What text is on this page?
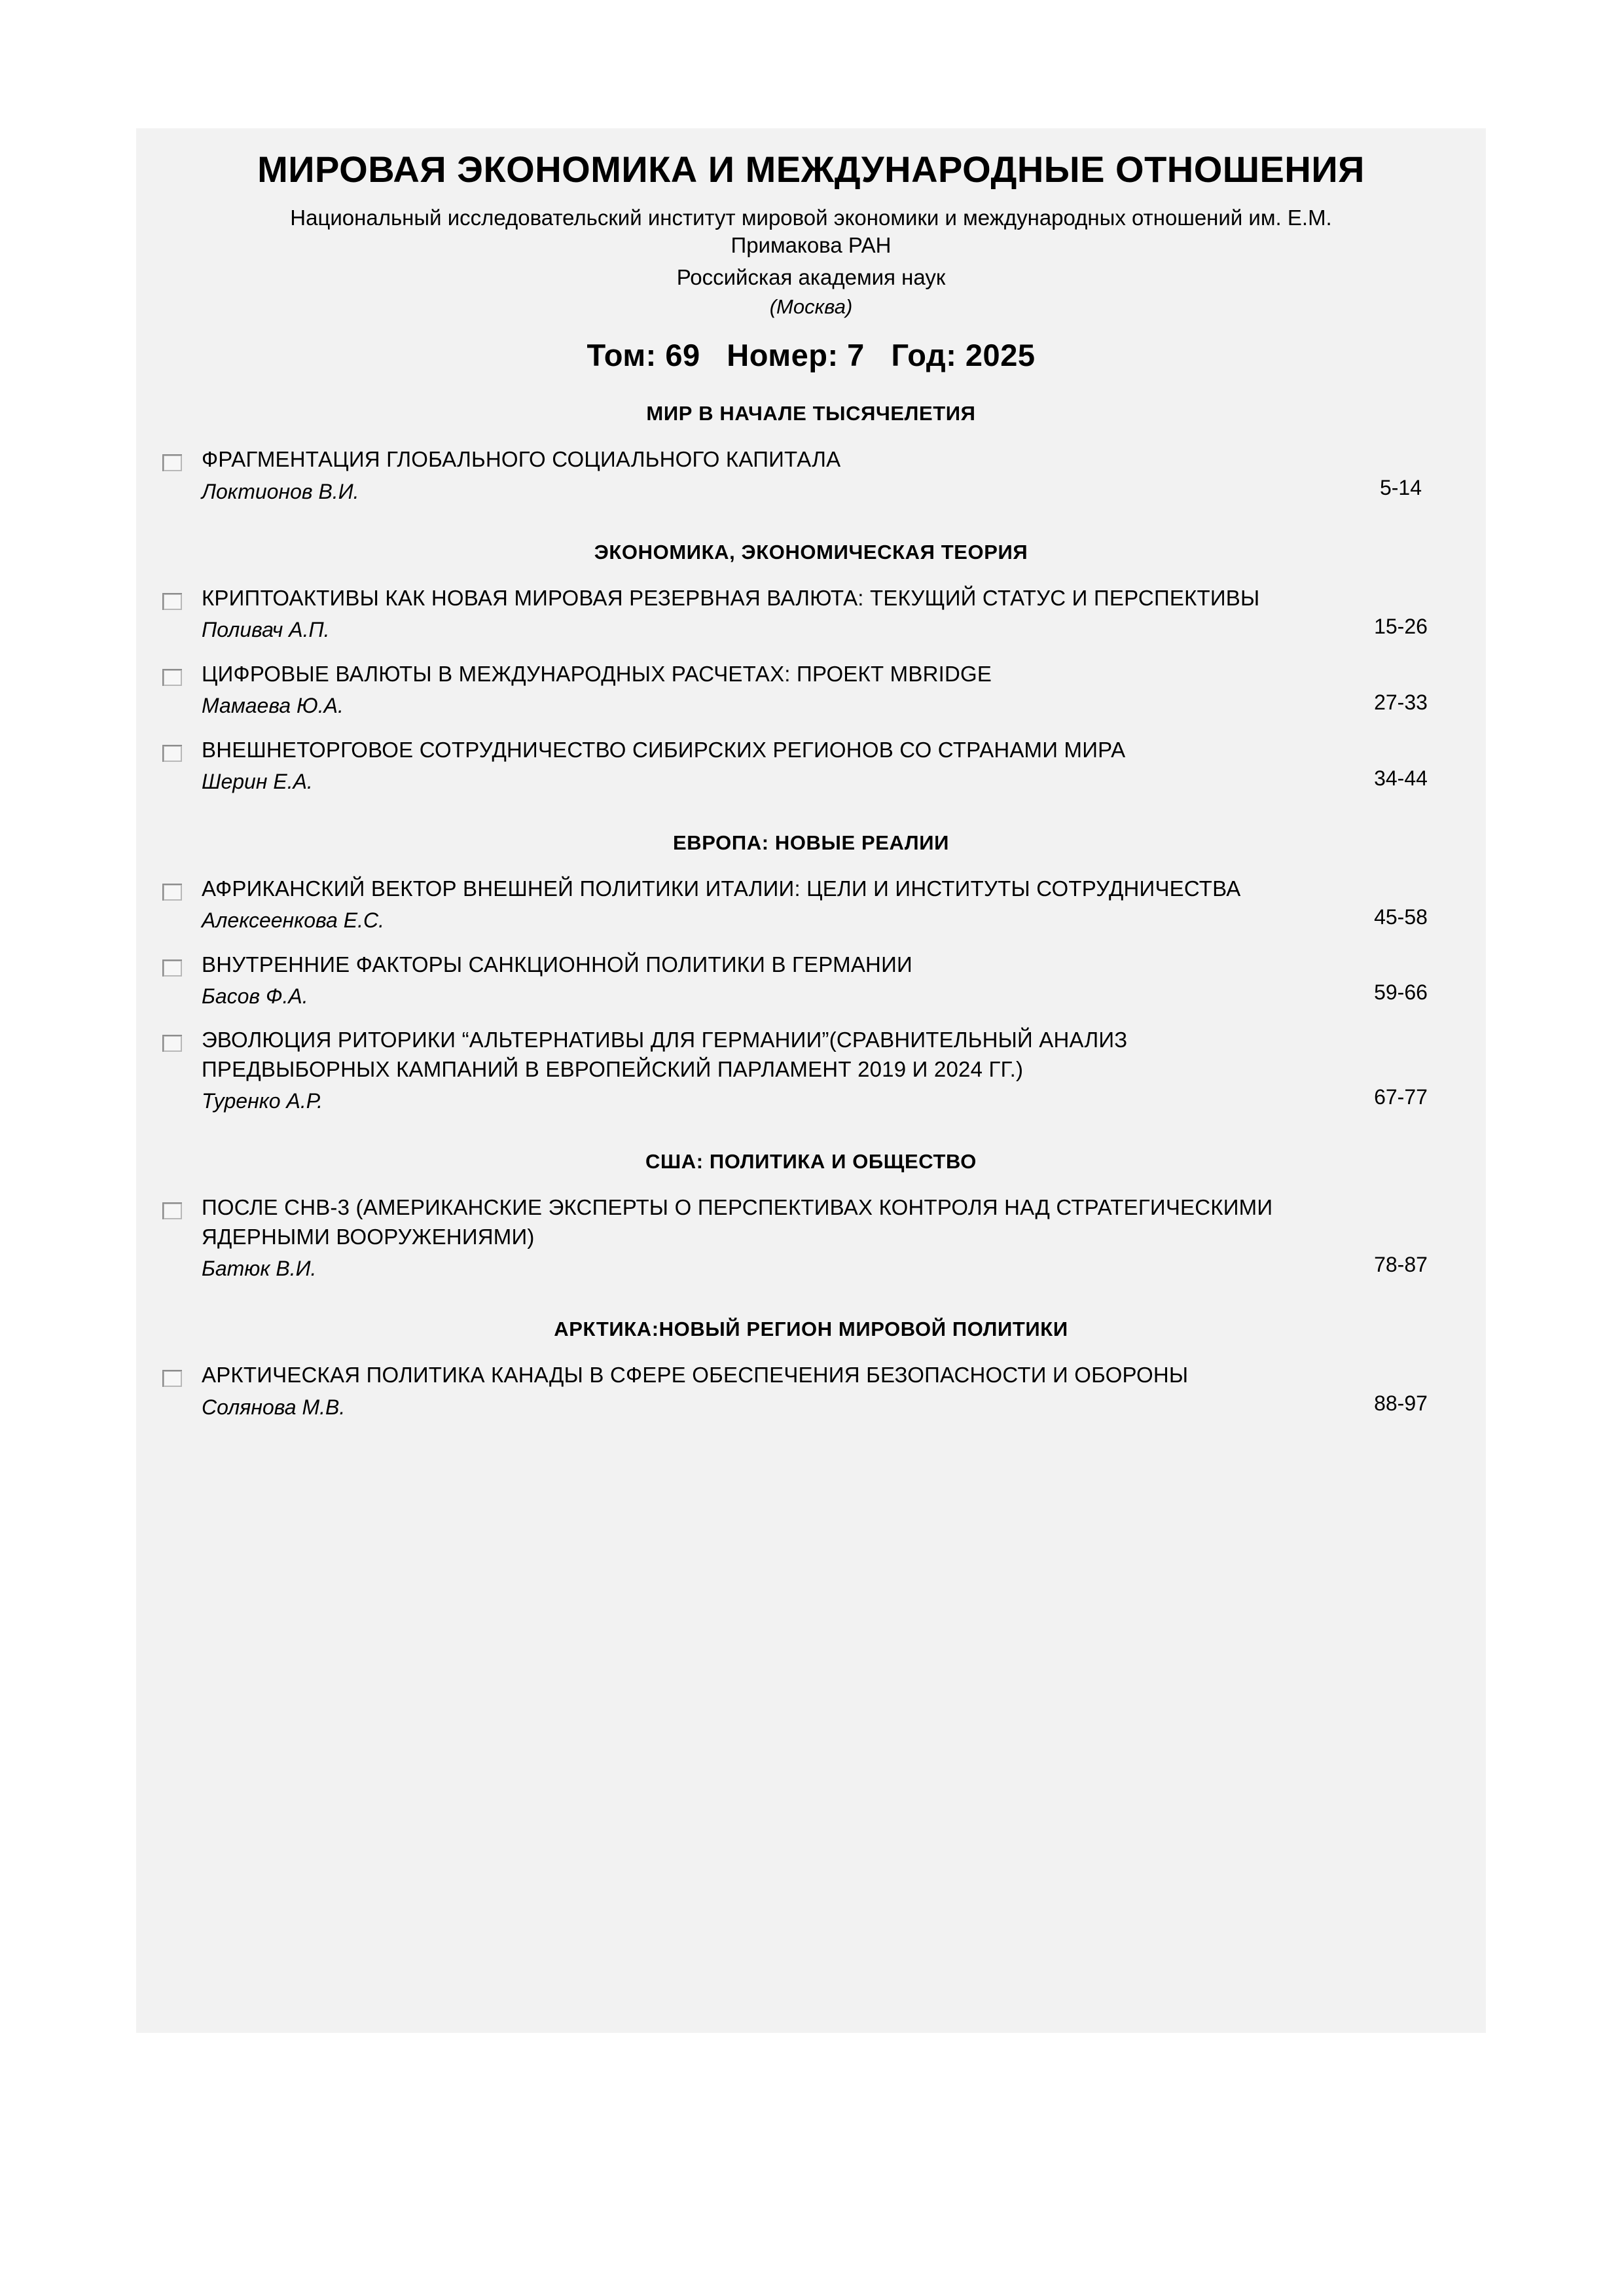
МИРОВАЯ ЭКОНОМИКА И МЕЖДУНАРОДНЫЕ ОТНОШЕНИЯ
Национальный исследовательский институт мировой экономики и международных отношений им. Е.М. Примакова РАН
Российская академия наук
(Москва)
Том: 69 Номер: 7 Год: 2025
МИР В НАЧАЛЕ ТЫСЯЧЕЛЕТИЯ
ФРАГМЕНТАЦИЯ ГЛОБАЛЬНОГО СОЦИАЛЬНОГО КАПИТАЛА
Локтионов В.И.	5-14
ЭКОНОМИКА, ЭКОНОМИЧЕСКАЯ ТЕОРИЯ
КРИПТОАКТИВЫ КАК НОВАЯ МИРОВАЯ РЕЗЕРВНАЯ ВАЛЮТА: ТЕКУЩИЙ СТАТУС И ПЕРСПЕКТИВЫ
Поливач А.П.	15-26
ЦИФРОВЫЕ ВАЛЮТЫ В МЕЖДУНАРОДНЫХ РАСЧЕТАХ: ПРОЕКТ MBRIDGE
Мамаева Ю.А.	27-33
ВНЕШНЕТОРГОВОЕ СОТРУДНИЧЕСТВО СИБИРСКИХ РЕГИОНОВ СО СТРАНАМИ МИРА
Шерин Е.А.	34-44
ЕВРОПА: НОВЫЕ РЕАЛИИ
АФРИКАНСКИЙ ВЕКТОР ВНЕШНЕЙ ПОЛИТИКИ ИТАЛИИ: ЦЕЛИ И ИНСТИТУТЫ СОТРУДНИЧЕСТВА
Алексеенкова Е.С.	45-58
ВНУТРЕННИЕ ФАКТОРЫ САНКЦИОННОЙ ПОЛИТИКИ В ГЕРМАНИИ
Басов Ф.А.	59-66
ЭВОЛЮЦИЯ РИТОРИКИ “АЛЬТЕРНАТИВЫ ДЛЯ ГЕРМАНИИ”(СРАВНИТЕЛЬНЫЙ АНАЛИЗ ПРЕДВЫБОРНЫХ КАМПАНИЙ В ЕВРОПЕЙСКИЙ ПАРЛАМЕНТ 2019 И 2024 ГГ.)
Туренко А.Р.	67-77
США: ПОЛИТИКА И ОБЩЕСТВО
ПОСЛЕ СНВ-3 (АМЕРИКАНСКИЕ ЭКСПЕРТЫ О ПЕРСПЕКТИВАХ КОНТРОЛЯ НАД СТРАТЕГИЧЕСКИМИ ЯДЕРНЫМИ ВООРУЖЕНИЯМИ)
Батюк В.И.	78-87
АРКТИКА:НОВЫЙ РЕГИОН МИРОВОЙ ПОЛИТИКИ
АРКТИЧЕСКАЯ ПОЛИТИКА КАНАДЫ В СФЕРЕ ОБЕСПЕЧЕНИЯ БЕЗОПАСНОСТИ И ОБОРОНЫ
Солянова М.В.	88-97
